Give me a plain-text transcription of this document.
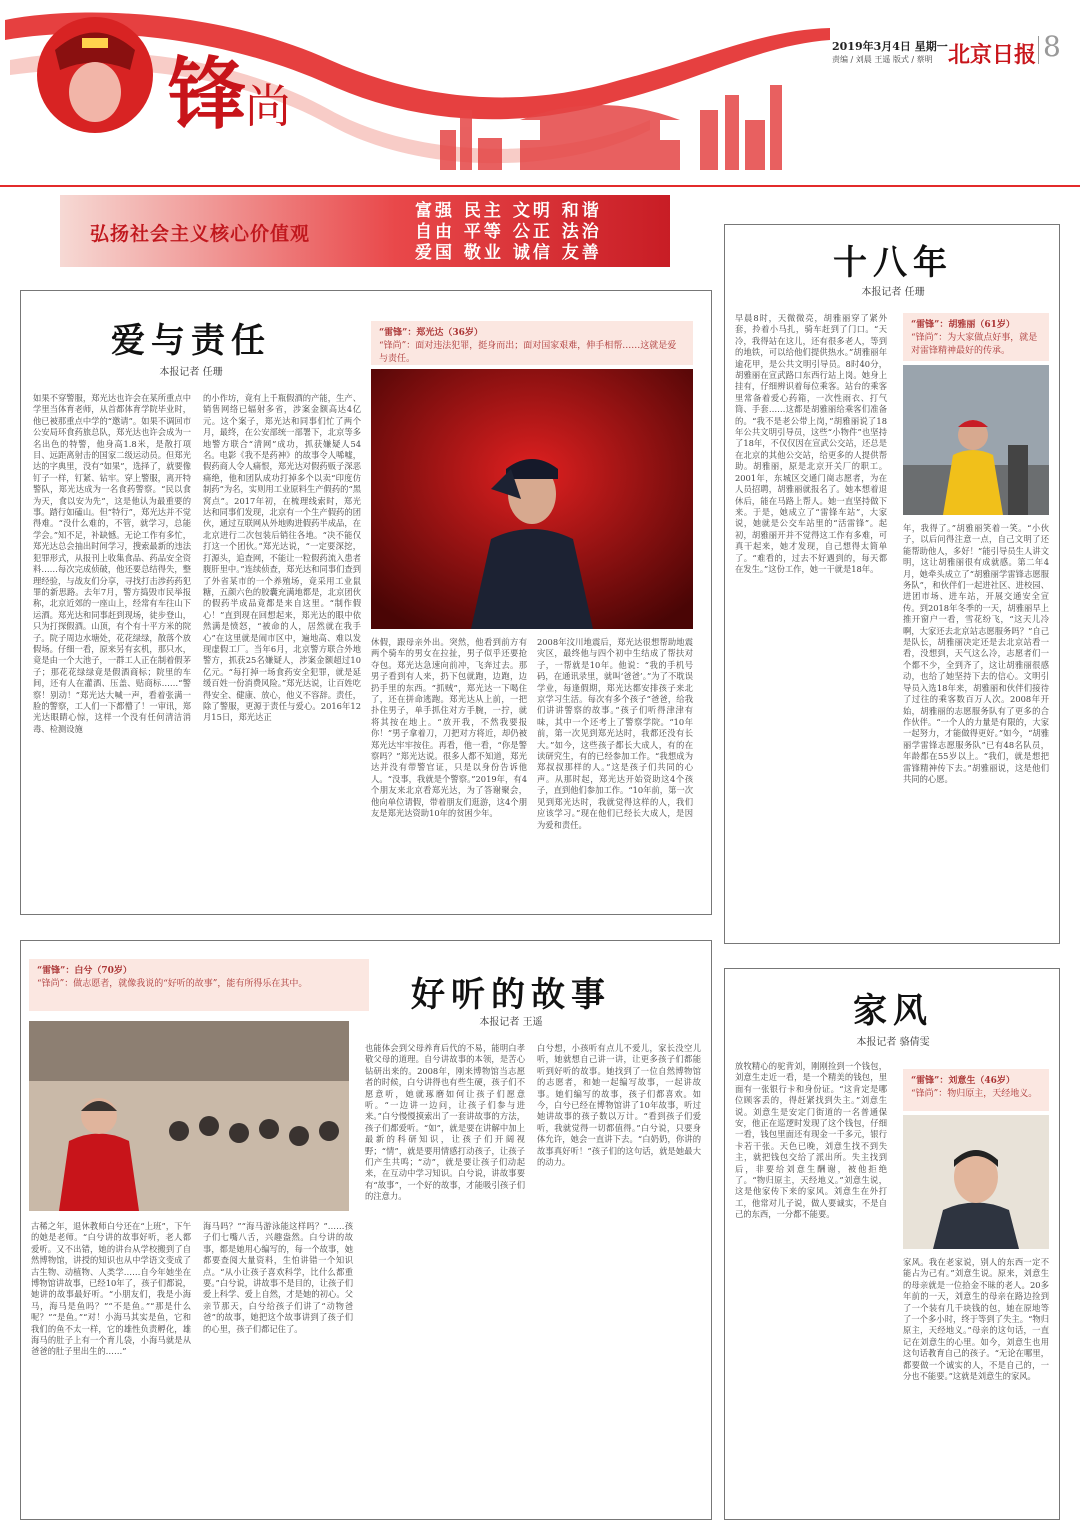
锋
尚
2019年3月4日 星期一
责编 / 刘晨 王遥 版式 / 蔡明 北京日报 8
弘扬社会主义核心价值观
富强 民主 文明 和谐
自由 平等 公正 法治
爱国 敬业 诚信 友善
爱与责任
本报记者 任珊
如果不穿警服，郑光达也许会在某所重点中学里当体育老师，从首都体育学院毕业时，他已被那重点中学的“邀请”。如果不调回市公安局环食药旅总队，郑光达也许会成为一名出色的特警，他身高1.8米，是散打项目、远距离射击的国家二级运动员。但郑光达的字典里，没有“如果”，选择了，就要像钉子一样，钉紧、钻牢。穿上警服，离开特警队，郑光达成为一名食药警察。“民以食为天，食以安为先”，这是他认为最重要的事。踏行如磕山。但“特行”，郑光达并不觉得难。“没什么难的，不管，就学习，总能学会。”知不足，补缺憾。无论工作有多忙，郑光达总会抽出时间学习，搜索最新的违法犯罪形式，从报刊上收集食品、药品安全资料……每次完成侦破，他还要总结得失，整理经验，与战友们分享，寻找打击涉药药犯罪的新思路。去年7月，警方捣毁市民举报称，北京近郊的一座山上，经常有车往山下运酒。郑光达和同事赶到现场，徒步登山，只为打探假酒。山顶，有个有十平方米的院子。院子周边水塘处，花花绿绿，散落个放假场。仔细一看，原来另有玄机，那只水，竟是由一个大池子，一群工人正在制着假茅子；那花花绿绿竟是假酒商标；院里的车间，还有人在灌酒、压盖、贴商标……“警察！别动！”郑光达大喊一声，看着张满一脸的警察，工人们一下都懵了！一审讯，郑光达眼睛心惊，这样一个没有任何清洁消毒、检测设施
的小作坊，竟有上千瓶假酒的产能，生产、销售网络已辐射多省，涉案金额高达4亿元。这个案子，郑光达和同事们忙了两个月，最终，在公安部统一部署下，北京等多地警方联合“清网”成功，抓获嫌疑人54名。电影《我不是药神》的故事令人唏嘘，假药商人令人痛恨，郑光达对假药贩子深恶痛绝，他和团队成功打掉多个以卖“印度仿制药”为名，实则用工业原料生产假药的“黑窝点”。2017年初，在梳理线索时，郑光达和同事们发现，北京有一个生产假药的团伙，通过互联网从外地购进假药半成品，在北京进行二次包装后销往各地。“决不能仅打这一个团伙。”郑光达说，“一定要深挖，打源头，追查网，不能让一粒假药流入患者腹肝里中。”连续侦查，郑光达和同事们查到了外省某市的一个养殖场，竟采用工业鼠糖，五颜六色的胶囊充满地都是，北京团伙的假药半成品竟都是来自这里。“制作假心！”直到现在回想起来，郑光达的眼中依然满是愤怒，“被命的人，居然就在我手心”在这里就是闹市区中，遍地高、难以发现虚假工厂。当年6月，北京警方联合外地警方，抓获25名嫌疑人，涉案金额超过10亿元。“每打掉一场食药安全犯罪，就是延缓百姓一份消费风险。”郑光达说，让百姓吃得安全、健康、放心，他义不容辞。责任，除了警服，更源于责任与爱心。2016年12月15日，郑光达正
“雷锋”：郑光达（36岁）
“锋尚”：面对违法犯罪，挺身而出；面对国家艰难，伸手相帮……这就是爱与责任。
休假，跟母亲外出。突然，他看到前方有两个骑车的男女在拉扯，男子似乎还要抢夺包。郑光达急速向前冲，飞奔过去。那男子看到有人来，扔下包就跑，边跑，边扔手里的东西。“抓贼”，郑光达一下喝住了，还在拼命逃跑。郑光达从上前，一把扑住男子，单手抓住对方手腕，一拧，就将其按在地上。“放开我，不然我要报你！”男子拿着刀，刀把对方将近，却仍被郑光达牢牢按住。再看，他一看，“你是警察吗？”郑光达说。很多人都不知道，郑光达并没有带警官证，只是以身份告诉他人。“没事，我就是个警察。”2019年，有4个朋友来北京看郑光达，为了答谢聚会，他向单位请假，带着朋友们逛游，这4个朋友是郑光达资助10年的贫困少年。
2008年汶川地震后，郑光达很想帮助地震灾区，最终他与四个初中生结成了帮扶对子，一帮就是10年。他说：“我的手机号码，在通讯录里，就叫‘爸爸’。”为了不耽误学业，每逢假期，郑光达都安排孩子来北京学习生活。每次有多个孩子“爸爸，给我们讲讲警察的故事。”孩子们听得津津有味，其中一个还考上了警察学院。“10年前，第一次见到郑光达时，我都还没有长大。”如今，这些孩子都长大成人，有的在读研究生，有的已经参加工作。“我想成为郑叔叔那样的人。”这是孩子们共同的心声。从那时起，郑光达开始资助这4个孩子，直到他们参加工作。“10年前，第一次见到郑光达时，我就觉得这样的人，我们应该学习。”现在他们已经长大成人，是因为爱和责任。
十八年
本报记者 任珊
早晨8时，天微微亮，胡雅丽穿了紧外套，拎着小马扎，骑车赶到了门口。“天冷，我得站在这儿，还有很多老人，等到的地铁，可以给他们提供热水。”胡雅丽年逾花甲，是公共文明引导员。8时40分，胡雅丽在宣武路口东西行站上岗。她身上挂有，仔细辨识着每位乘客。站台的乘客里常备着爱心药箱，一次性雨衣、打气筒、手套……这都是胡雅丽给乘客们准备的。“我不是老公带上岗，”胡雅丽说了18年公共文明引导员，这些“小物件”也坚持了18年，不仅仅因在宣武公交站，还总是在北京的其他公交站，给更多的人提供帮助。胡雅丽，原是北京开关厂的职工。2001年，东城区交通门崗志愿者，为在人员招聘，胡雅丽就报名了。她本想着退休后，能在马路上帮人。她一直坚持做下来。于是，她成立了“雷锋车站”，大家说，她就是公交车站里的“活雷锋”。起初，胡雅丽开并不觉得这工作有多难，可真干起来，她才发现，自己想得太简单了。“难看的，过去不好遇到的，每天都在发生。”这份工作，她一干就是18年。
“雷锋”：胡雅丽（61岁）
“锋尚”：为大家做点好事，就是对雷锋精神最好的传承。
年，我得了。”胡雅丽笑着一笑。“小伙子，以后问得注意一点，自己文明了还能帮助他人，多好！”能引导员生人讲文明，这让胡雅丽很有成就感。第二年4月，她牵头成立了“胡雅丽学雷锋志愿服务队”，和伙伴们一起进社区、进校园、进团市场、进车站，开展交通安全宣传。到2018年冬季的一天，胡雅丽早上推开窗户一看，雪花纷飞，“这天儿冷啊，大家还去北京站志愿服务吗？”自己是队长，胡雅丽决定还是去北京站看一看，没想到，天气这么冷，志愿者们一个都不少，全到齐了，这让胡雅丽很感动，也给了她坚持下去的信心。文明引导员入选18年来，胡雅丽和伙伴们接待了过往的乘客数百万人次。2008年开始，胡雅丽的志愿服务队有了更多的合作伙伴。“一个人的力量是有限的，大家一起努力，才能做得更好。”如今，“胡雅丽学雷锋志愿服务队”已有48名队员，年龄都在55岁以上。“我们，就是想把雷锋精神传下去。”胡雅丽说，这是他们共同的心愿。
“雷锋”：白兮（70岁）
“锋尚”：做志愿者，就像我说的“好听的故事”，能有所得乐在其中。	好听的故事
本报记者 王遥
古稀之年，退休教师白兮还在“上班”，下午的她是老师。“白兮讲的故事好听，老人都爱听。又不出错，她的讲台从学校搬到了自然博物馆，讲授的知识也从中学语文变成了古生物、动植物、人类学……自今年她坐在博物馆讲故事，已经10年了，孩子们都说，她讲的故事最好听。“小朋友们，我是小海马，海马是鱼吗？”“不是鱼。”“那是什么呢？”“是鱼。”“对！小海马其实是鱼，它和我们的鱼不太一样，它的雄性负责孵化，雄海马的肚子上有一个育儿袋，小海马就是从爸爸的肚子里出生的……”
海马吗？”“海马游泳能这样吗？”……孩子们七嘴八舌，兴趣盎然。白兮讲的故事，都是她用心编写的，每一个故事，她都要查阅大量资料，生怕讲错一个知识点。“从小让孩子喜欢科学，比什么都重要。”白兮说，讲故事不是目的，让孩子们爱上科学、爱上自然，才是她的初心。父亲节那天，白兮给孩子们讲了“动物爸爸”的故事，她把这个故事讲到了孩子们的心里，孩子们都记住了。
也能体会到父母养育后代的不易，能明白孝敬父母的道理。自兮讲故事的本领，是苦心钻研出来的。2008年，刚来博物馆当志愿者的时候，白兮讲得也有些生硬，孩子们不愿意听，她就琢磨如何让孩子们愿意听。“一边讲一边问，让孩子们参与进来。”白兮慢慢摸索出了一套讲故事的方法，孩子们都爱听。“如”，就是要在讲解中加上最新的科研知识，让孩子们开阔视野；“情”，就是要用情感打动孩子，让孩子们产生共鸣；“动”，就是要让孩子们动起来，在互动中学习知识。白兮说，讲故事要有“故事”，一个好的故事，才能吸引孩子们的注意力。
白兮想，小孩听有点儿不爱儿，家长没空儿听，她就想自己讲一讲，让更多孩子们都能听到好听的故事。她找到了一位自然博物馆的志愿者，和她一起编写故事，一起讲故事。她们编写的故事，孩子们都喜欢。如今，白兮已经在博物馆讲了10年故事，听过她讲故事的孩子数以万计。“看到孩子们爱听，我就觉得一切都值得。”白兮说，只要身体允许，她会一直讲下去。“白奶奶，你讲的故事真好听！”孩子们的这句话，就是她最大的动力。
家风
本报记者 骆倩雯
放牧精心的驼背刘，刚刚捡到一个钱包，刘意生走近一看，是一个精美的钱包，里面有一张银行卡和身份证。“这肯定是哪位顾客丢的，得赶紧找到失主。”刘意生说。刘意生是安定门街道的一名普通保安，他正在巡逻时发现了这个钱包，仔细一看，钱包里面还有现金一千多元，银行卡若干张。天色已晚，刘意生找不到失主，就把钱包交给了派出所。失主找到后，非要给刘意生酬谢，被他拒绝了。“物归原主，天经地义。”刘意生说，这是他家传下来的家风。刘意生在外打工，他常对儿子说，做人要诚实，不是自己的东西，一分都不能要。
“雷锋”：刘意生（46岁）
“锋尚”：物归原主，天经地义。
家风。我在老家说，别人的东西一定不能占为己有。”刘意生说。原来，刘意生的母亲就是一位拾金不昧的老人。20多年前的一天，刘意生的母亲在路边捡到了一个装有几千块钱的包，她在原地等了一个多小时，终于等到了失主。“物归原主，天经地义。”母亲的这句话，一直记在刘意生的心里。如今，刘意生也用这句话教育自己的孩子。“无论在哪里，都要做一个诚实的人，不是自己的，一分也不能要。”这就是刘意生的家风。
